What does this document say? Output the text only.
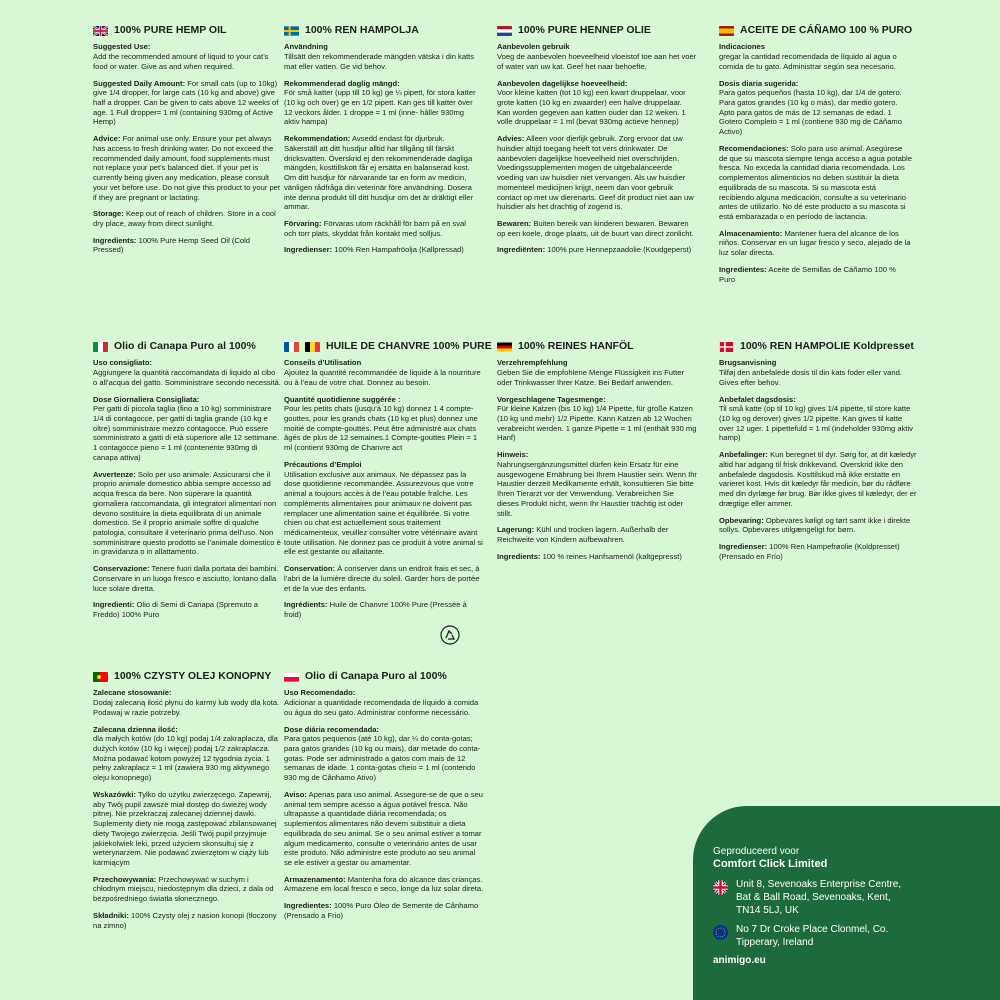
100% PURE HEMP OIL
Suggested Use:
Add the recommended amount of liquid to your cat’s food or water. Give as and when required.
Suggested Daily Amount: For small cats (up to 10kg) give 1/4 dropper, for large cats (10 kg and above) give half a dropper. Can be given to cats above 12 weeks of age. 1 Full dropper= 1 ml (containing 930mg of Active Hemp)
Advice: For animal use only. Ensure your pet always has access to fresh drinking water. Do not exceed the recommended daily amount, food supplements must not replace your pet’s balanced diet. If your pet is currently being given any medication, please consult your vet before use. Do not give this product to your pet if they are pregnant or lactating.
Storage: Keep out of reach of children. Store in a cool dry place, away from direct sunlight.
Ingredients: 100% Pure Hemp Seed Oil (Cold Pressed)
100% REN HAMPOLJA
Användning
Tillsätt den rekommenderade mängden vätska i din katts mat eller vatten. Ge vid behov.
Rekommenderad daglig mängd:
För små katter (upp till 10 kg) ge ¼ pipett, för stora katter (10 kg och över) ge en 1/2 pipett. Kan ges till katter över 12 veckors ålder. 1 droppe = 1 ml (inne- hâller 930mg aktiv hampa)
Rekommendation: Avsedd endast för djurbruk. Säkerställ att ditt husdjur alltid har tillgång till färskt dricksvatten. Överskrid ej den rekommenderade dagliga mängden, kosttillskott får ej ersätta en balanserad kost. Om ditt husdjur för närvarande tar en form av medicin, vänligen rådfråga din veterinär före användning. Dosera inte denna produkt till ditt husdjur om det är dräktigt eller ammar.
Förvaring: Förvaras utom räckhåll för barn på en sval och torr plats, skyddat från kontakt med solljus.
Ingredienser: 100% Ren Hampafröolja (Kallpressad)
100% PURE HENNEP OLIE
Aanbevolen gebruik
Voeg de aanbevolen hoeveelheid vloeistof toe aan het voer of water van uw kat. Geef het naar behoefte.
Aanbevolen dagelijkse hoeveelheid:
Voor kleine katten (tot 10 kg) een kwart druppelaar, voor grote katten (10 kg en zwaarder) een halve druppelaar. Kan worden gegeven aan katten ouder dan 12 weken. 1 volle druppelaar = 1 ml (bevat 930mg actieve hennep)
Advies: Alleen voor dierlijk gebruik. Zorg ervoor dat uw huisdier altijd toegang heeft tot vers drinkwater. De aanbevolen dagelijkse hoeveelheid niet overschrijden. Voedingssupplementen mogen de uitgebalanceerde voeding van uw huisdier niet vervangen. Als uw huisdier momenteel medicijnen krijgt, neem dan voor gebruik contact op met uw dierenarts. Geef dit product niet aan uw huisdier als het drachtig of zogend is.
Bewaren: Buiten bereik van kinderen bewaren. Bewaren op een koele, droge plaats, uit de buurt van direct zonlicht.
Ingrediënten: 100% pure Hennepzaadolie (Koudgeperst)
ACEITE DE CÁÑAMO 100 % PURO
Indicaciones
gregar la cantidad recomendada de líquido al agua o comida de tu gato. Administrar según sea necesario.
Dosis diaria sugerida:
Para gatos pequeños (hasta 10 kg), dar 1/4 de gotero. Para gatos grandes (10 kg o más), dar medio gotero. Apto para gatos de más de 12 semanas de edad. 1 Gotero Completo = 1 ml (contiene 930 mg de Cáñamo Activo)
Recomendaciones: Solo para uso animal. Asegúrese de que su mascota siempre tenga acceso a agua potable fresca. No exceda la cantidad diaria recomendada. Los complementos alimenticios no deben sustituir la dieta equilibrada de su mascota. Si su mascota está recibiendo alguna medicación, consulte a su veterinario antes de utilizarlo. No dé este producto a su mascota si está embarazada o en período de lactancia.
Almacenamiento: Mantener fuera del alcance de los niños. Conservar en un lugar fresco y seco, alejado de la luz solar directa.
Ingredientes: Aceite de Semillas de Cáñamo 100 % Puro
Olio di Canapa Puro al 100%
Uso consigliato:
Aggiungere la quantità raccomandata di liquido al cibo o all’acqua del gatto. Somministrare secondo necessità.
Dose Giornaliera Consigliata:
Per gatti di piccola taglia (fino a 10 kg) somministrare 1/4 di contagocce, per gatti di taglia grande (10 kg e oltre) somministrare mezzo contagocce. Può essere somministrato a gatti di età superiore alle 12 settimane. 1 contagocce pieno = 1 ml (contenente 930mg di canapa attiva)
Avvertenze: Solo per uso animale. Assicurarsi che il proprio animale domestico abbia sempre accesso ad acqua fresca da bere. Non superare la quantità giornaliera raccomandata, gli integratori alimentari non devono sostituire la dieta equilibrata di un animale domestico. Se il proprio animale soffre di qualche patologia, consultare il veterinario prima dell’uso. Non somministrare questo prodotto se l’animale domestico è in gravidanza o in allattamento.
Conservazione: Tenere fuori dalla portata dei bambini. Conservare in un luogo fresco e asciutto, lontano dalla luce solare diretta.
Ingredienti: Olio di Semi di Canapa (Spremuto a Freddo) 100% Puro
HUILE DE CHANVRE 100% PURE
Conseils d’Utilisation
Ajoutez la quantité recommandée de liquide à la nourriture ou à l’eau de votre chat. Donnez au besoin.
Quantité quotidienne suggérée :
Pour les petits chats (jusqu’à 10 kg) donnez 1 4 compte-gouttes, pour les grands chats (10 kg et plus) donnez une moitié de compte-gouttes. Peut être administré aux chats âgés de plus de 12 semaines.1 Compte-gouttes Plein = 1 ml (contient 930mg de Chanvre act
Précautions d’Emploi
Utilisation exclusive aux animaux. Ne dépassez pas la dose quotidienne recommandée. Assurezvous que votre animal a toujours accès à de l’eau potable fraîche. Les compléments alimentaires pour animaux ne doivent pas remplacer une alimentation saine et équilibrée. Si votre chien ou chat est actuellement sous traitement médicamenteux, veuillez consulter votre vétérinaire avant toute utilisation. Ne donnez pas ce produit à votre animal si elle est gestante ou allaitante.
Conservation: À conserver dans un endroit frais et sec, à l’abri de la lumière directe du soleil. Garder hors de portée et de la vue des enfants.
Ingrédients: Huile de Chanvre 100% Pure (Pressée à froid)
100% REINES HANFÖL
Verzehrempfehlung
Geben Sie die empfohlene Menge Flüssigkeit ins Futter oder Trinkwasser Ihrer Katze. Bei Bedarf anwenden.
Vorgeschlagene Tagesmenge:
Für kleine Katzen (bis 10 kg) 1/4 Pipette, für große Katzen (10 kg und mehr) 1/2 Pipette. Kann Katzen ab 12 Wochen verabreicht werden. 1 ganze Pipette = 1 ml (enthält 930 mg Hanf)
Hinweis:
Nahrungsergänzungsmittel dürfen kein Ersatz für eine ausgewogene Ernährung bei Ihrem Haustier sein. Wenn Ihr Haustier derzeit Medikamente erhält, konsultieren Sie bitte Ihren Tierarzt vor der Verwendung. Verabreichen Sie dieses Produkt nicht, wenn Ihr Haustier trächtig ist oder stillt.
Lagerung: Kühl und trocken lagern. Außerhalb der Reichweite von Kindern aufbewahren.
Ingredients: 100 % reines Hanfsamenöl (kaltgepresst)
100% REN HAMPOLIE Koldpresset
Brugsanvisning
Tilføj den anbefalede dosis til din kats foder eller vand. Gives efter behov.
Anbefalet dagsdosis:
Til små katte (op til 10 kg) gives 1/4 pipette, til store katte (10 kg og derover) gives 1/2 pipette. Kan gives til katte over 12 uger. 1 pipettefuld = 1 ml (indeholder 930mg aktiv hamp)
Anbefalinger: Kun beregnet til dyr. Sørg for, at dit kæledyr altid har adgang til frisk drikkevand. Overskrid ikke den anbefalede dagsdosis. Kosttilskud må ikke erstatte en varieret kost. Hvis dit kæledyr får medicin, bør du rådføre med din dyrlæge før brug. Bør ikke gives til kæledyr, der er drægtige eller ammer.
Opbevaring: Opbevares køligt og tørt samt ikke i direkte sollys. Opbevares utilgængeligt for børn.
Ingredienser: 100% Ren Hampefrøolie (Koldpresset) (Prensado en Frío)
100% CZYSTY OLEJ KONOPNY
Zalecane stosowanie:
Dodaj zalecaną ilość płynu do karmy lub wody dla kota. Podawaj w razie potrzeby.
Zalecana dzienna ilość:
dla małych kotów (do 10 kg) podaj 1/4 zakraplacza, dla dużych kotów (10 kg i więcej) podaj 1/2 zakraplacza. Można podawać kotom powyżej 12 tygodnia życia. 1 pełny zakraplacz = 1 ml (zawiera 930 mg aktywnego oleju konopnego)
Wskazówki: Tylko do użytku zwierzęcego. Zapewnij, aby Twój pupil zawsze miał dostęp do świeżej wody pitnej. Nie przekraczaj zalecanej dziennej dawki. Suplementy diety nie mogą zastępować zbilansowanej diety Twojego zwierzęcia. Jeśli Twój pupil przyjmuje jakiekolwiek leki, przed użyciem skonsultuj się z weterynarzem. Nie podawać zwierzętom w ciąży lub karmiącym
Przechowywania: Przechowywać w suchym i chłodnym miejscu, niedostępnym dla dzieci, z dala od bezpośredniego światła słonecznego.
Składniki: 100% Czysty olej z nasion konopi (tłoczony na zimno)
Olio di Canapa Puro al 100%
Uso Recomendado:
Adicionar a quantidade recomendada de líquido à comida ou água do seu gato. Administrar conforme necessário.
Dose diária recomendada:
Para gatos pequenos (até 10 kg), dar ¼ do conta-gotas; para gatos grandes (10 kg ou mais), dar metade do conta-gotas. Pode ser administrado a gatos com mais de 12 semanas de idade. 1 conta-gotas cheio = 1 ml (contendo 930 mg de Cânhamo Ativo)
Aviso: Apenas para uso animal. Assegure-se de que o seu animal tem sempre acesso a água potável fresca. Não ultrapasse a quantidade diária recomendada; os suplementos alimentares não devem substituir a dieta equilibrada do seu animal. Se o seu animal estiver a tomar algum medicamento, consulte o veterinário antes de usar este produto. Não administre este produto ao seu animal se ele estiver a gestar ou amamentar.
Armazenamento: Mantenha fora do alcance das crianças. Armazene em local fresco e seco, longe da luz solar direta.
Ingredientes: 100% Puro Óleo de Semente de Cânhamo (Prensado a Frio)
Geproduceerd voor
Comfort Click Limited
Unit 8, Sevenoaks Enterprise Centre, Bat & Ball Road, Sevenoaks, Kent, TN14 5LJ, UK
No 7 Dr Croke Place Clonmel, Co. Tipperary, Ireland
animigo.eu
